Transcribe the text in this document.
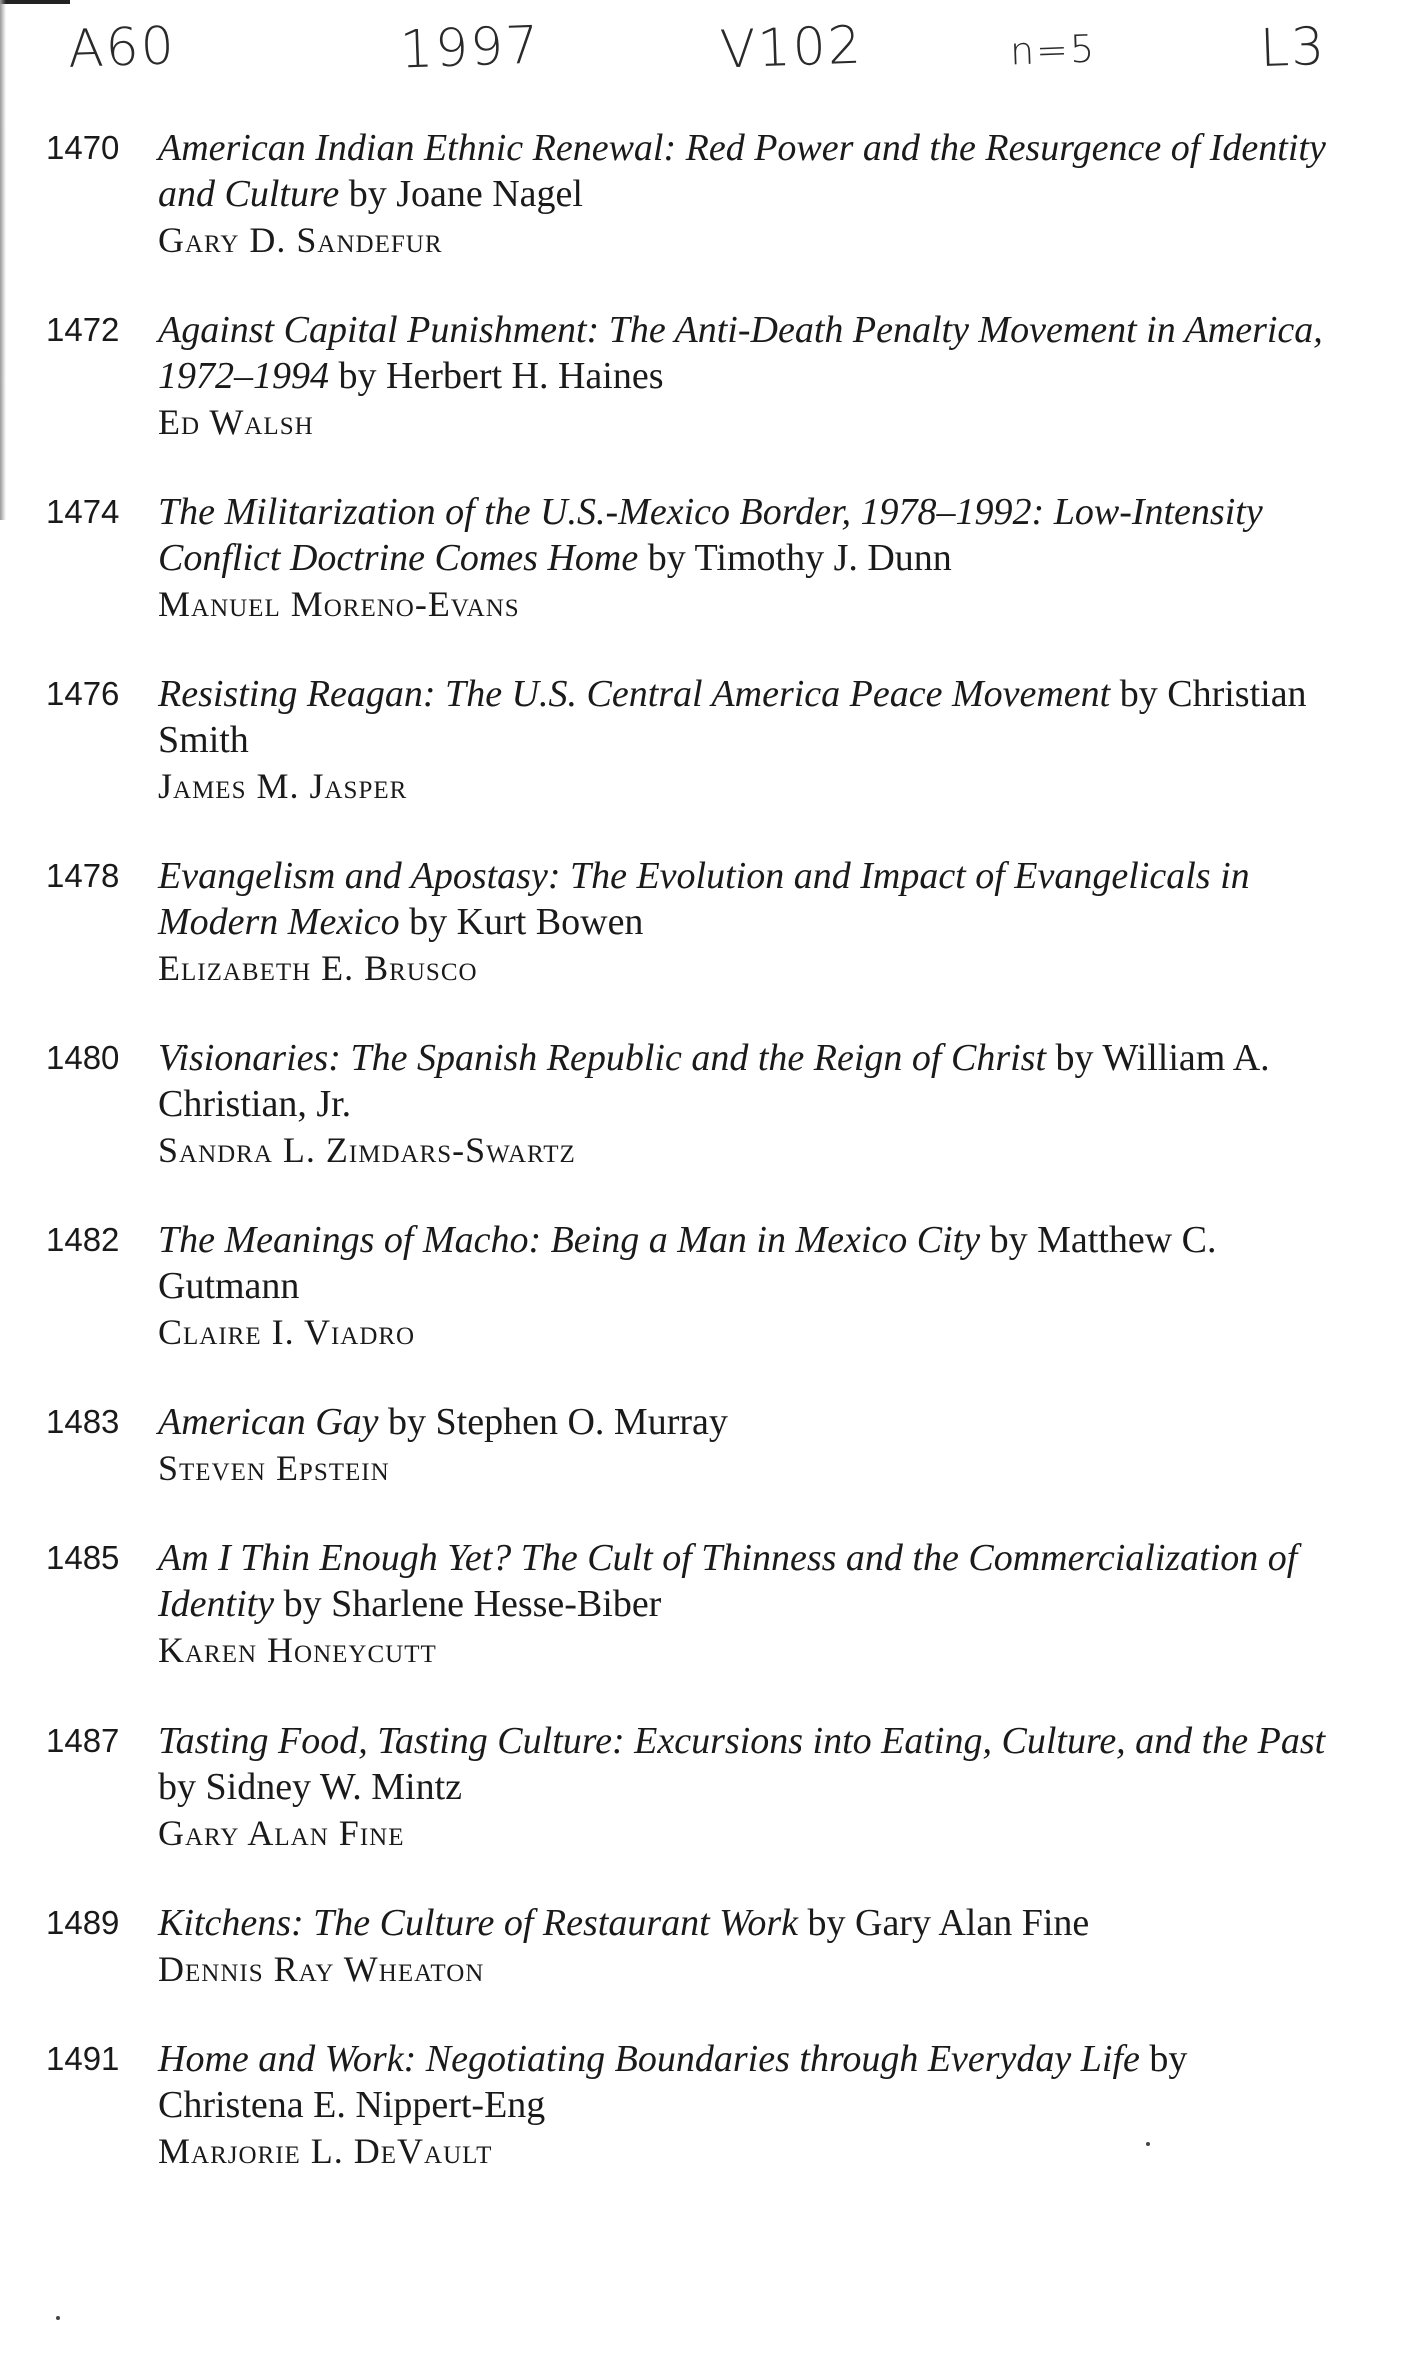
A60	1997	V102	n=5	L3
1470	American Indian Ethnic Renewal: Red Power and the Resurgence of Identity and Culture by Joane Nagel
Gary D. Sandefur
1472	Against Capital Punishment: The Anti-Death Penalty Movement in America, 1972–1994 by Herbert H. Haines
Ed Walsh
1474	The Militarization of the U.S.-Mexico Border, 1978–1992: Low-Intensity Conflict Doctrine Comes Home by Timothy J. Dunn
Manuel Moreno-Evans
1476	Resisting Reagan: The U.S. Central America Peace Movement by Christian Smith
James M. Jasper
1478	Evangelism and Apostasy: The Evolution and Impact of Evangelicals in Modern Mexico by Kurt Bowen
Elizabeth E. Brusco
1480	Visionaries: The Spanish Republic and the Reign of Christ by William A. Christian, Jr.
Sandra L. Zimdars-Swartz
1482	The Meanings of Macho: Being a Man in Mexico City by Matthew C. Gutmann
Claire I. Viadro
1483	American Gay by Stephen O. Murray
Steven Epstein
1485	Am I Thin Enough Yet? The Cult of Thinness and the Commercialization of Identity by Sharlene Hesse-Biber
Karen Honeycutt
1487	Tasting Food, Tasting Culture: Excursions into Eating, Culture, and the Past by Sidney W. Mintz
Gary Alan Fine
1489	Kitchens: The Culture of Restaurant Work by Gary Alan Fine
Dennis Ray Wheaton
1491	Home and Work: Negotiating Boundaries through Everyday Life by Christena E. Nippert-Eng
Marjorie L. DeVault
